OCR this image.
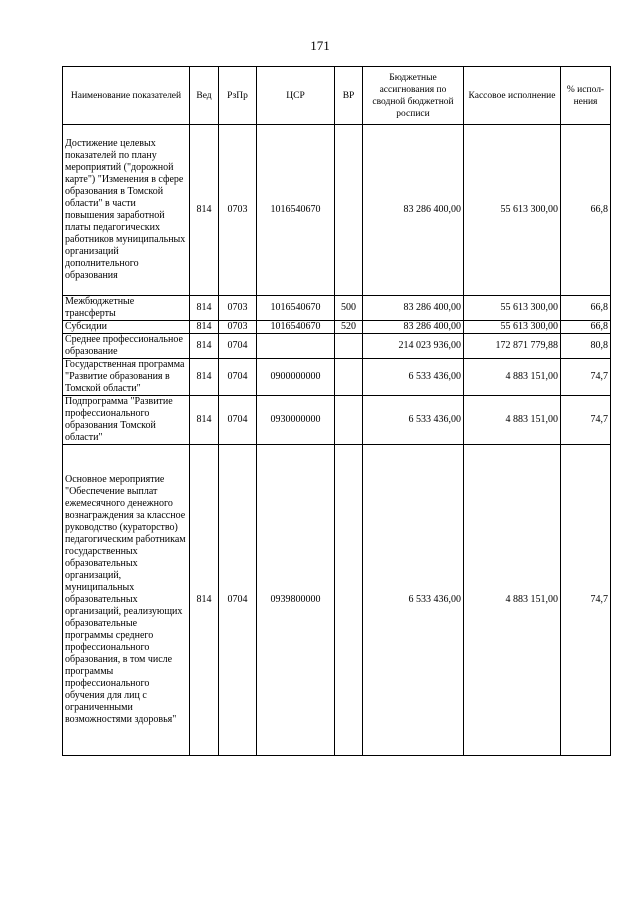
171
Наименование показателей	Вед	РзПр	ЦСР	ВР	Бюджетные ассигнования по сводной бюджетной росписи	Кассовое исполнение	% испол-нения
Достижение целевых показателей по плану мероприятий ("дорожной карте") "Изменения в сфере образования в Томской области" в части повышения заработной платы педагогических работников муниципальных организаций дополнительного образования	814	0703	1016540670		83 286 400,00	55 613 300,00	66,8
Межбюджетные трансферты	814	0703	1016540670	500	83 286 400,00	55 613 300,00	66,8
Субсидии	814	0703	1016540670	520	83 286 400,00	55 613 300,00	66,8
Среднее профессиональное образование	814	0704			214 023 936,00	172 871 779,88	80,8
Государственная программа "Развитие образования в Томской области"	814	0704	0900000000		6 533 436,00	4 883 151,00	74,7
Подпрограмма "Развитие профессионального образования Томской области"	814	0704	0930000000		6 533 436,00	4 883 151,00	74,7
Основное мероприятие "Обеспечение выплат ежемесячного денежного вознаграждения за классное руководство (кураторство) педагогическим работникам государственных образовательных организаций, муниципальных образовательных организаций, реализующих образовательные программы среднего профессионального образования, в том числе программы профессионального обучения для лиц с ограниченными возможностями здоровья"	814	0704	0939800000		6 533 436,00	4 883 151,00	74,7
